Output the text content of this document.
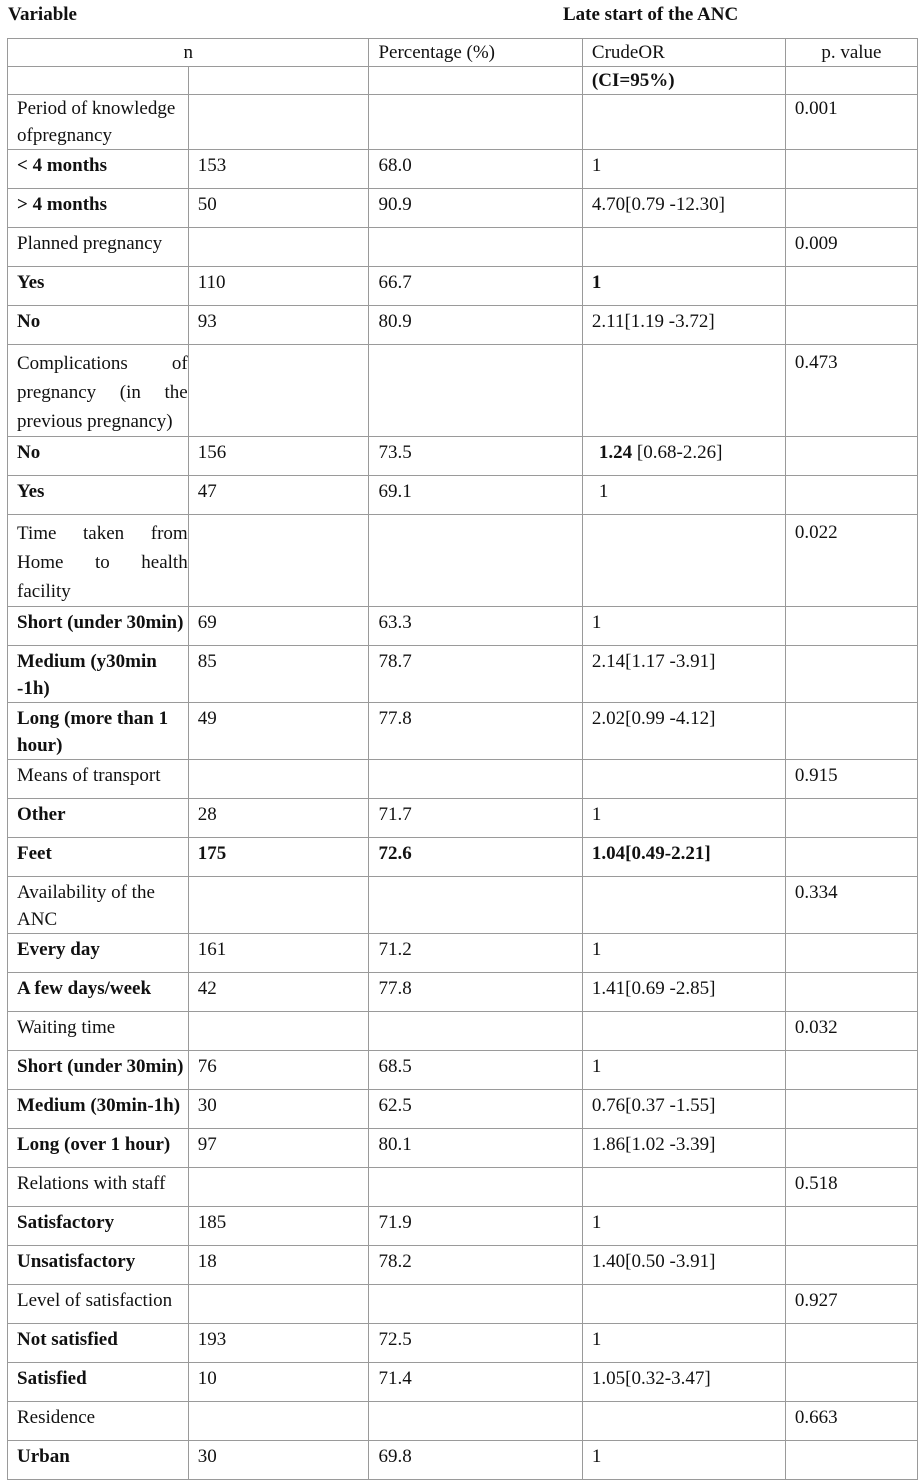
Variable	Late start of the ANC
n		Percentage (%)	CrudeOR	p. value
			(CI=95%)	
Period of knowledge ofpregnancy				0.001
< 4 months	153	68.0	1	
> 4 months	50	90.9	4.70[0.79 -12.30]	
Planned pregnancy				0.009
Yes	110	66.7	1	
No	93	80.9	2.11[1.19 -3.72]	

Complications of pregnancy (in the
previous pregnancy)				0.473
No	156	73.5	1.24 [0.68-2.26]	
Yes	47	69.1	1	

Time taken from Home to health
facility				0.022
Short (under 30min)	69	63.3	1	
Medium (y30min -1h)	85	78.7	2.14[1.17 -3.91]	
Long (more than 1 hour)	49	77.8	2.02[0.99 -4.12]	
Means of transport				0.915
Other	28	71.7	1	
Feet	175	72.6	1.04[0.49-2.21]	
Availability of the ANC				0.334
Every day	161	71.2	1	
A few days/week	42	77.8	1.41[0.69 -2.85]	
Waiting time				0.032
Short (under 30min)	76	68.5	1	
Medium (30min-1h)	30	62.5	0.76[0.37 -1.55]	
Long (over 1 hour)	97	80.1	1.86[1.02 -3.39]	
Relations with staff				0.518
Satisfactory	185	71.9	1	
Unsatisfactory	18	78.2	1.40[0.50 -3.91]	
Level of satisfaction				0.927
Not satisfied	193	72.5	1	
Satisfied	10	71.4	1.05[0.32-3.47]	
Residence				0.663
Urban	30	69.8	1	
